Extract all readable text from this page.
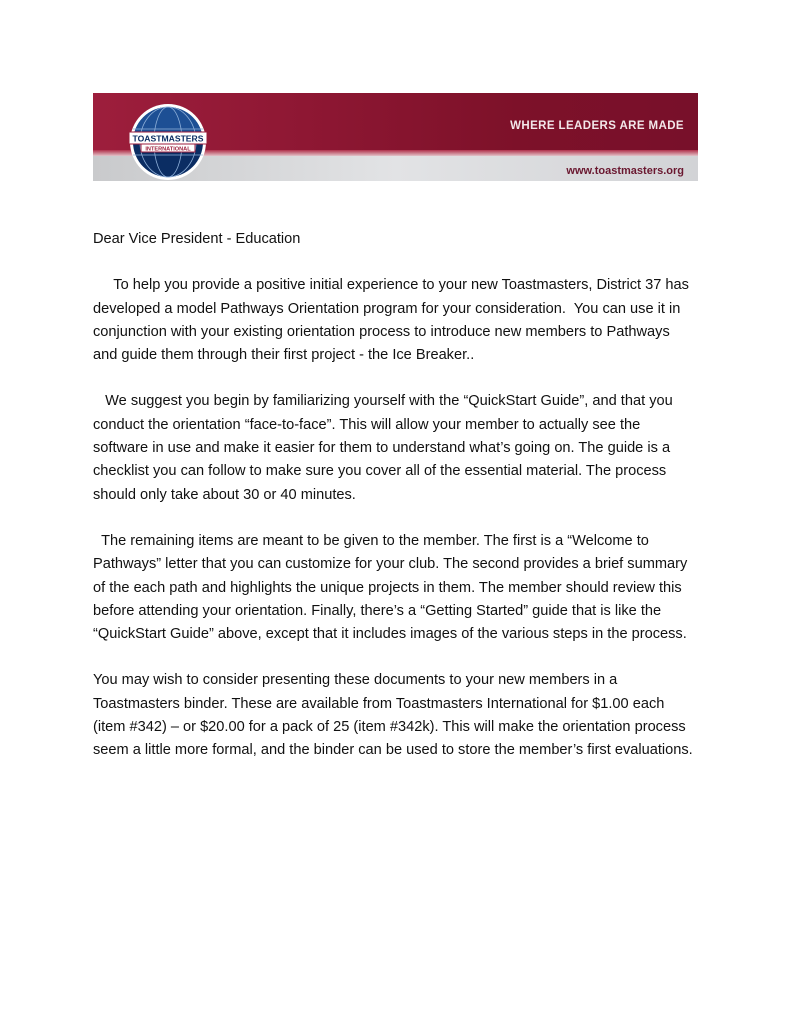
TOASTMASTERS
INTERNATIONAL
WHERE LEADERS ARE MADE
www.toastmasters.org

Dear Vice President - Education

To help you provide a positive initial experience to your new Toastmasters, District 37 has developed a model Pathways Orientation program for your consideration.  You can use it in conjunction with your existing orientation process to introduce new members to Pathways and guide them through their first project - the Ice Breaker..

We suggest you begin by familiarizing yourself with the “QuickStart Guide”, and that you conduct the orientation “face-to-face”. This will allow your member to actually see the software in use and make it easier for them to understand what’s going on. The guide is a checklist you can follow to make sure you cover all of the essential material. The process should only take about 30 or 40 minutes.

The remaining items are meant to be given to the member. The first is a “Welcome to Pathways” letter that you can customize for your club. The second provides a brief summary of the each path and highlights the unique projects in them. The member should review this before attending your orientation. Finally, there’s a “Getting Started” guide that is like the “QuickStart Guide” above, except that it includes images of the various steps in the process.

You may wish to consider presenting these documents to your new members in a Toastmasters binder. These are available from Toastmasters International for $1.00 each (item #342) – or $20.00 for a pack of 25 (item #342k). This will make the orientation process seem a little more formal, and the binder can be used to store the member’s first evaluations.
